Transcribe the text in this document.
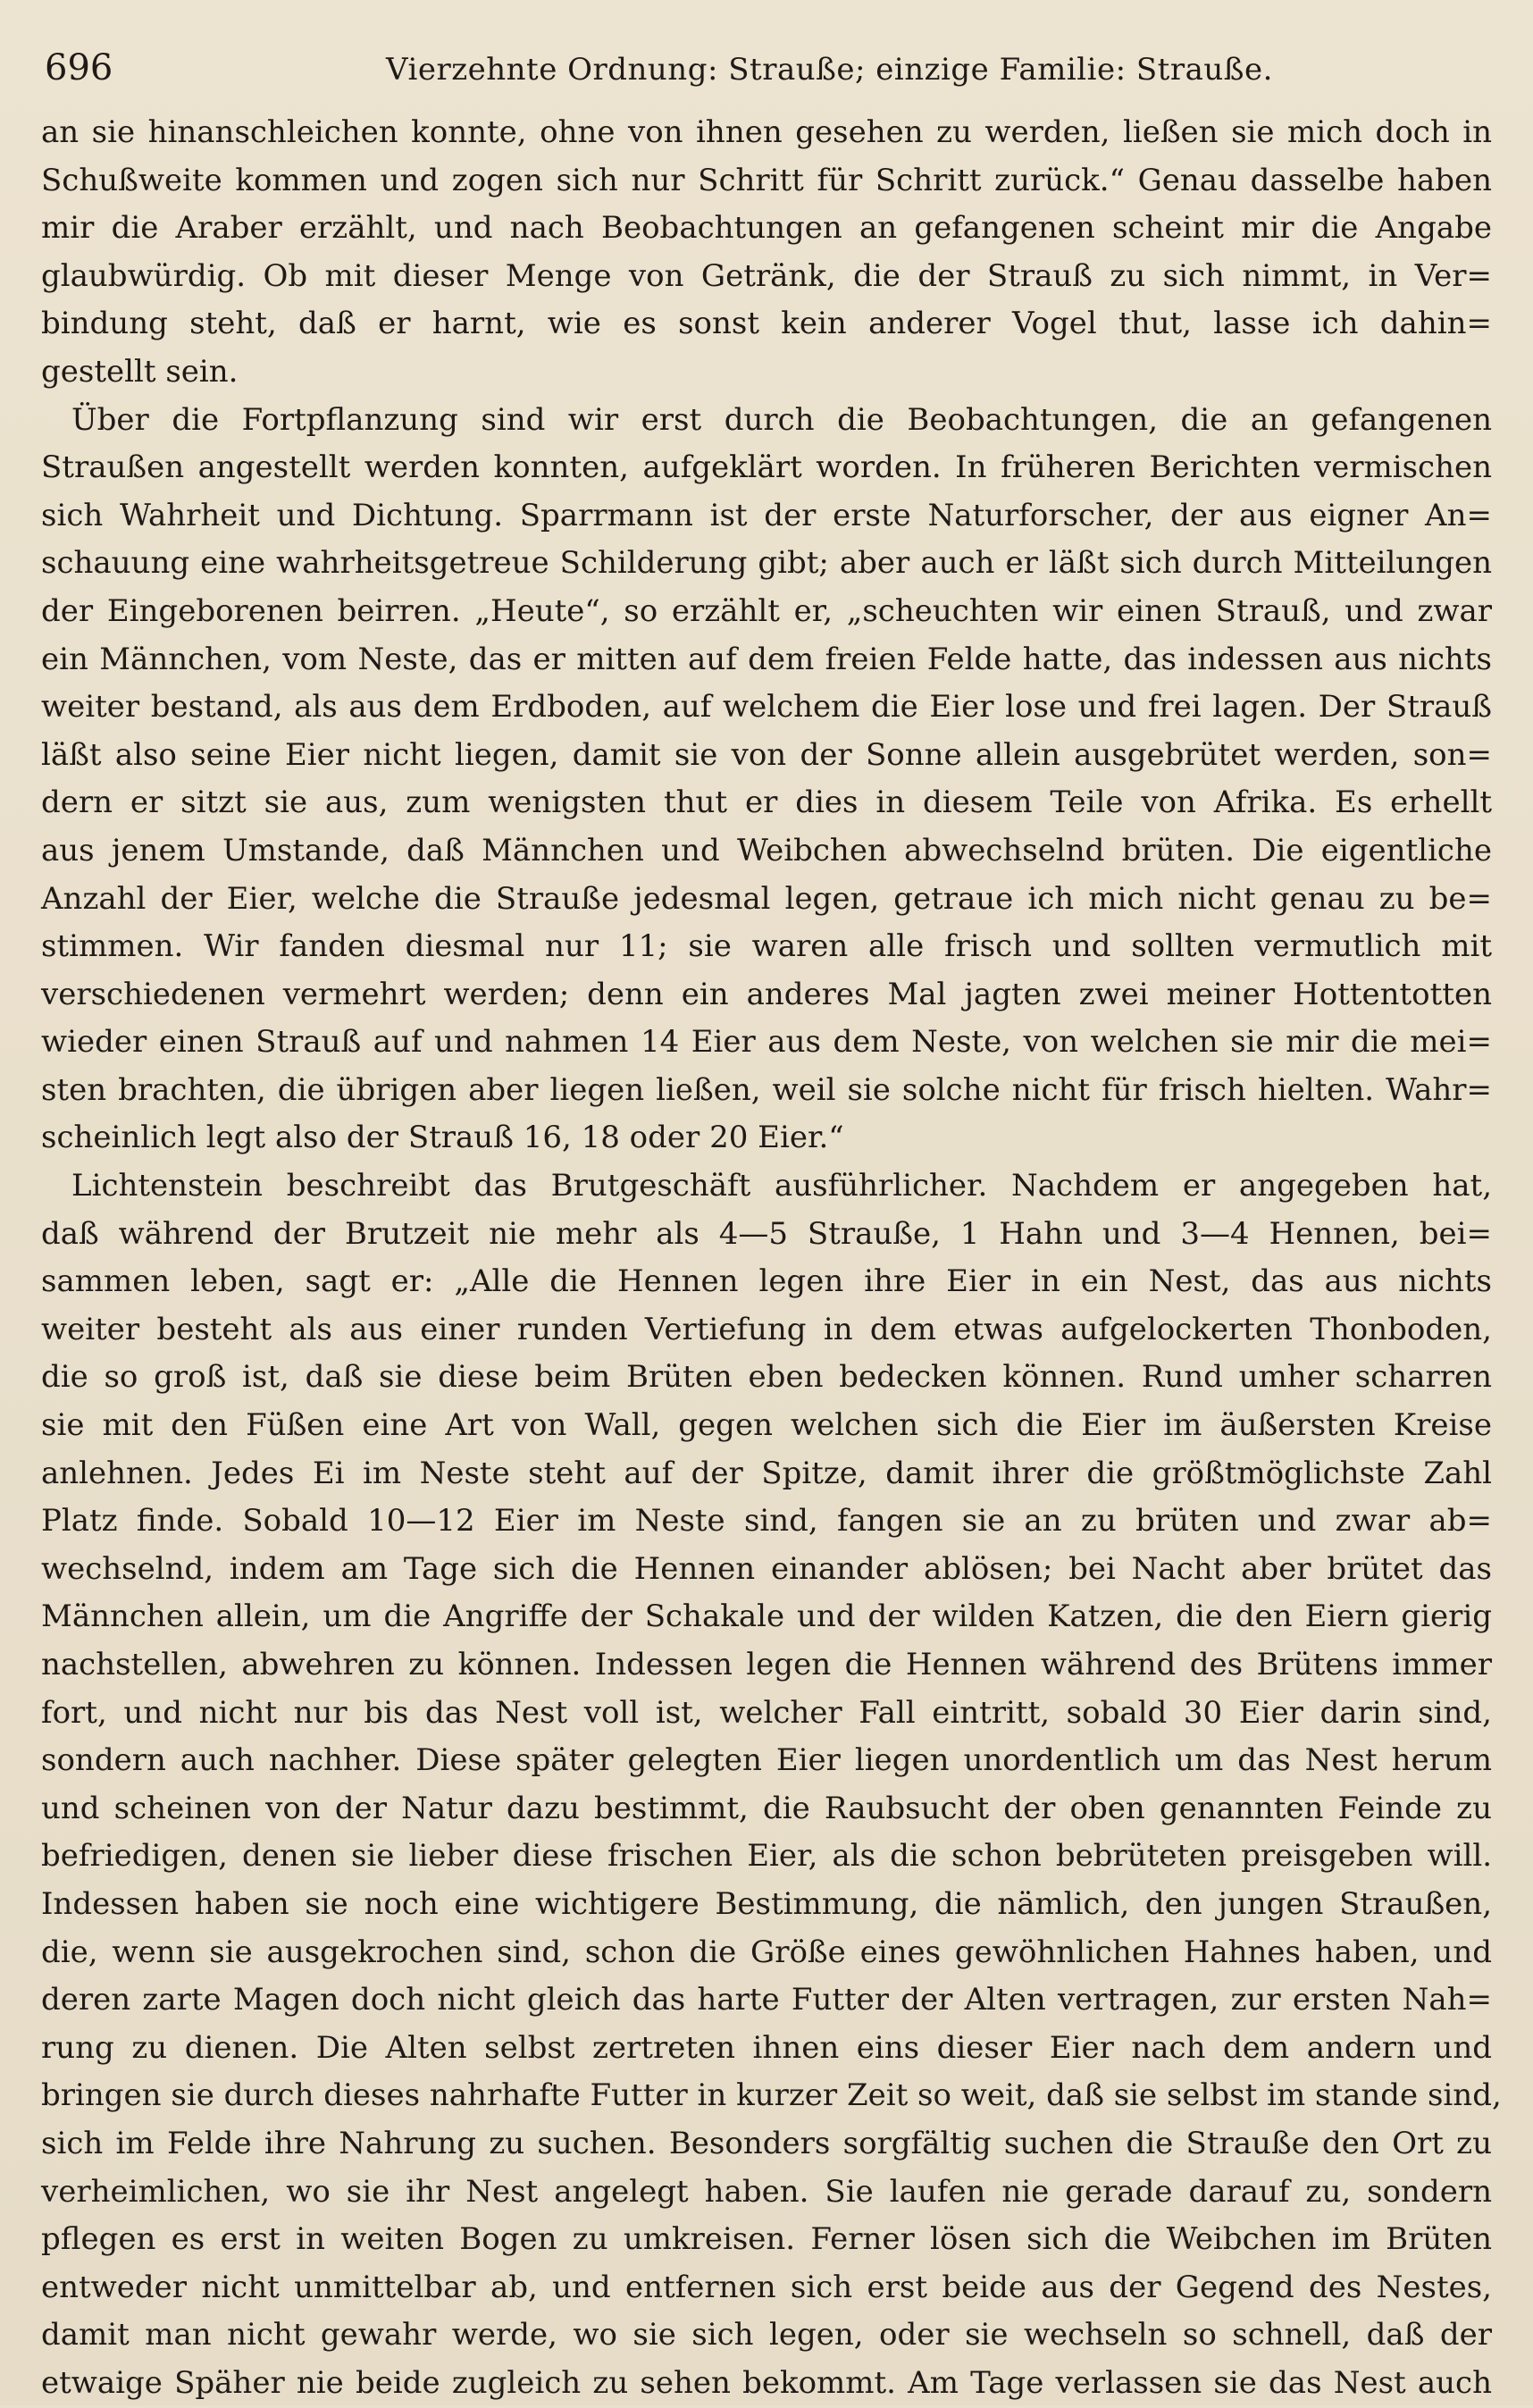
696	Vierzehnte Ordnung: Strauße; einzige Familie: Strauße.
an sie hinanschleichen konnte, ohne von ihnen gesehen zu werden, ließen sie mich doch in
Schußweite kommen und zogen sich nur Schritt für Schritt zurück.“ Genau dasselbe haben
mir die Araber erzählt, und nach Beobachtungen an gefangenen scheint mir die Angabe
glaubwürdig. Ob mit dieser Menge von Getränk, die der Strauß zu sich nimmt, in Ver=
bindung steht, daß er harnt, wie es sonst kein anderer Vogel thut, lasse ich dahin=
gestellt sein.
Über die Fortpflanzung sind wir erst durch die Beobachtungen, die an gefangenen
Straußen angestellt werden konnten, aufgeklärt worden. In früheren Berichten vermischen
sich Wahrheit und Dichtung. Sparrmann ist der erste Naturforscher, der aus eigner An=
schauung eine wahrheitsgetreue Schilderung gibt; aber auch er läßt sich durch Mitteilungen
der Eingeborenen beirren. „Heute“, so erzählt er, „scheuchten wir einen Strauß, und zwar
ein Männchen, vom Neste, das er mitten auf dem freien Felde hatte, das indessen aus nichts
weiter bestand, als aus dem Erdboden, auf welchem die Eier lose und frei lagen. Der Strauß
läßt also seine Eier nicht liegen, damit sie von der Sonne allein ausgebrütet werden, son=
dern er sitzt sie aus, zum wenigsten thut er dies in diesem Teile von Afrika. Es erhellt
aus jenem Umstande, daß Männchen und Weibchen abwechselnd brüten. Die eigentliche
Anzahl der Eier, welche die Strauße jedesmal legen, getraue ich mich nicht genau zu be=
stimmen. Wir fanden diesmal nur 11; sie waren alle frisch und sollten vermutlich mit
verschiedenen vermehrt werden; denn ein anderes Mal jagten zwei meiner Hottentotten
wieder einen Strauß auf und nahmen 14 Eier aus dem Neste, von welchen sie mir die mei=
sten brachten, die übrigen aber liegen ließen, weil sie solche nicht für frisch hielten. Wahr=
scheinlich legt also der Strauß 16, 18 oder 20 Eier.“
Lichtenstein beschreibt das Brutgeschäft ausführlicher. Nachdem er angegeben hat,
daß während der Brutzeit nie mehr als 4—5 Strauße, 1 Hahn und 3—4 Hennen, bei=
sammen leben, sagt er: „Alle die Hennen legen ihre Eier in ein Nest, das aus nichts
weiter besteht als aus einer runden Vertiefung in dem etwas aufgelockerten Thonboden,
die so groß ist, daß sie diese beim Brüten eben bedecken können. Rund umher scharren
sie mit den Füßen eine Art von Wall, gegen welchen sich die Eier im äußersten Kreise
anlehnen. Jedes Ei im Neste steht auf der Spitze, damit ihrer die größtmöglichste Zahl
Platz finde. Sobald 10—12 Eier im Neste sind, fangen sie an zu brüten und zwar ab=
wechselnd, indem am Tage sich die Hennen einander ablösen; bei Nacht aber brütet das
Männchen allein, um die Angriffe der Schakale und der wilden Katzen, die den Eiern gierig
nachstellen, abwehren zu können. Indessen legen die Hennen während des Brütens immer
fort, und nicht nur bis das Nest voll ist, welcher Fall eintritt, sobald 30 Eier darin sind,
sondern auch nachher. Diese später gelegten Eier liegen unordentlich um das Nest herum
und scheinen von der Natur dazu bestimmt, die Raubsucht der oben genannten Feinde zu
befriedigen, denen sie lieber diese frischen Eier, als die schon bebrüteten preisgeben will.
Indessen haben sie noch eine wichtigere Bestimmung, die nämlich, den jungen Straußen,
die, wenn sie ausgekrochen sind, schon die Größe eines gewöhnlichen Hahnes haben, und
deren zarte Magen doch nicht gleich das harte Futter der Alten vertragen, zur ersten Nah=
rung zu dienen. Die Alten selbst zertreten ihnen eins dieser Eier nach dem andern und
bringen sie durch dieses nahrhafte Futter in kurzer Zeit so weit, daß sie selbst im stande sind,
sich im Felde ihre Nahrung zu suchen. Besonders sorgfältig suchen die Strauße den Ort zu
verheimlichen, wo sie ihr Nest angelegt haben. Sie laufen nie gerade darauf zu, sondern
pflegen es erst in weiten Bogen zu umkreisen. Ferner lösen sich die Weibchen im Brüten
entweder nicht unmittelbar ab, und entfernen sich erst beide aus der Gegend des Nestes,
damit man nicht gewahr werde, wo sie sich legen, oder sie wechseln so schnell, daß der
etwaige Späher nie beide zugleich zu sehen bekommt. Am Tage verlassen sie das Nest auch
